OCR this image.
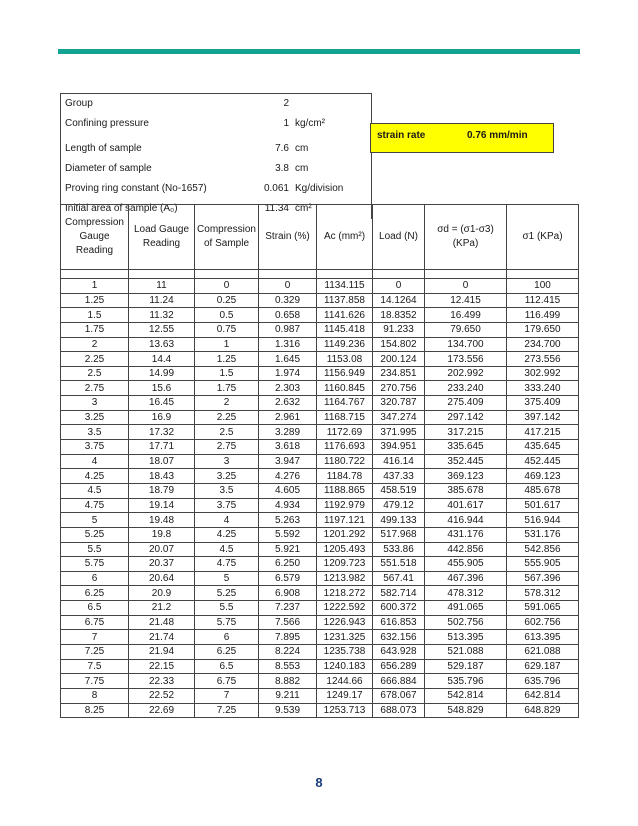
Group	2
Confining pressure	1 kg/cm²
Length of sample	7.6 cm
Diameter of sample	3.8 cm
Proving ring constant (No-1657)	0.061 Kg/division
Initial area of sample (A₀)	11.34 cm²
strain rate	0.76 mm/min
Compression Gauge Reading	Load Gauge Reading	Compression of Sample	Strain (%)	Ac (mm²)	Load (N)	σd = (σ1-σ3) (KPa)	σ1 (KPa)

1	11	0	0	1134.115	0	0	100
1.25	11.24	0.25	0.329	1137.858	14.1264	12.415	112.415
1.5	11.32	0.5	0.658	1141.626	18.8352	16.499	116.499
1.75	12.55	0.75	0.987	1145.418	91.233	79.650	179.650
2	13.63	1	1.316	1149.236	154.802	134.700	234.700
2.25	14.4	1.25	1.645	1153.08	200.124	173.556	273.556
2.5	14.99	1.5	1.974	1156.949	234.851	202.992	302.992
2.75	15.6	1.75	2.303	1160.845	270.756	233.240	333.240
3	16.45	2	2.632	1164.767	320.787	275.409	375.409
3.25	16.9	2.25	2.961	1168.715	347.274	297.142	397.142
3.5	17.32	2.5	3.289	1172.69	371.995	317.215	417.215
3.75	17.71	2.75	3.618	1176.693	394.951	335.645	435.645
4	18.07	3	3.947	1180.722	416.14	352.445	452.445
4.25	18.43	3.25	4.276	1184.78	437.33	369.123	469.123
4.5	18.79	3.5	4.605	1188.865	458.519	385.678	485.678
4.75	19.14	3.75	4.934	1192.979	479.12	401.617	501.617
5	19.48	4	5.263	1197.121	499.133	416.944	516.944
5.25	19.8	4.25	5.592	1201.292	517.968	431.176	531.176
5.5	20.07	4.5	5.921	1205.493	533.86	442.856	542.856
5.75	20.37	4.75	6.250	1209.723	551.518	455.905	555.905
6	20.64	5	6.579	1213.982	567.41	467.396	567.396
6.25	20.9	5.25	6.908	1218.272	582.714	478.312	578.312
6.5	21.2	5.5	7.237	1222.592	600.372	491.065	591.065
6.75	21.48	5.75	7.566	1226.943	616.853	502.756	602.756
7	21.74	6	7.895	1231.325	632.156	513.395	613.395
7.25	21.94	6.25	8.224	1235.738	643.928	521.088	621.088
7.5	22.15	6.5	8.553	1240.183	656.289	529.187	629.187
7.75	22.33	6.75	8.882	1244.66	666.884	535.796	635.796
8	22.52	7	9.211	1249.17	678.067	542.814	642.814
8.25	22.69	7.25	9.539	1253.713	688.073	548.829	648.829
8
